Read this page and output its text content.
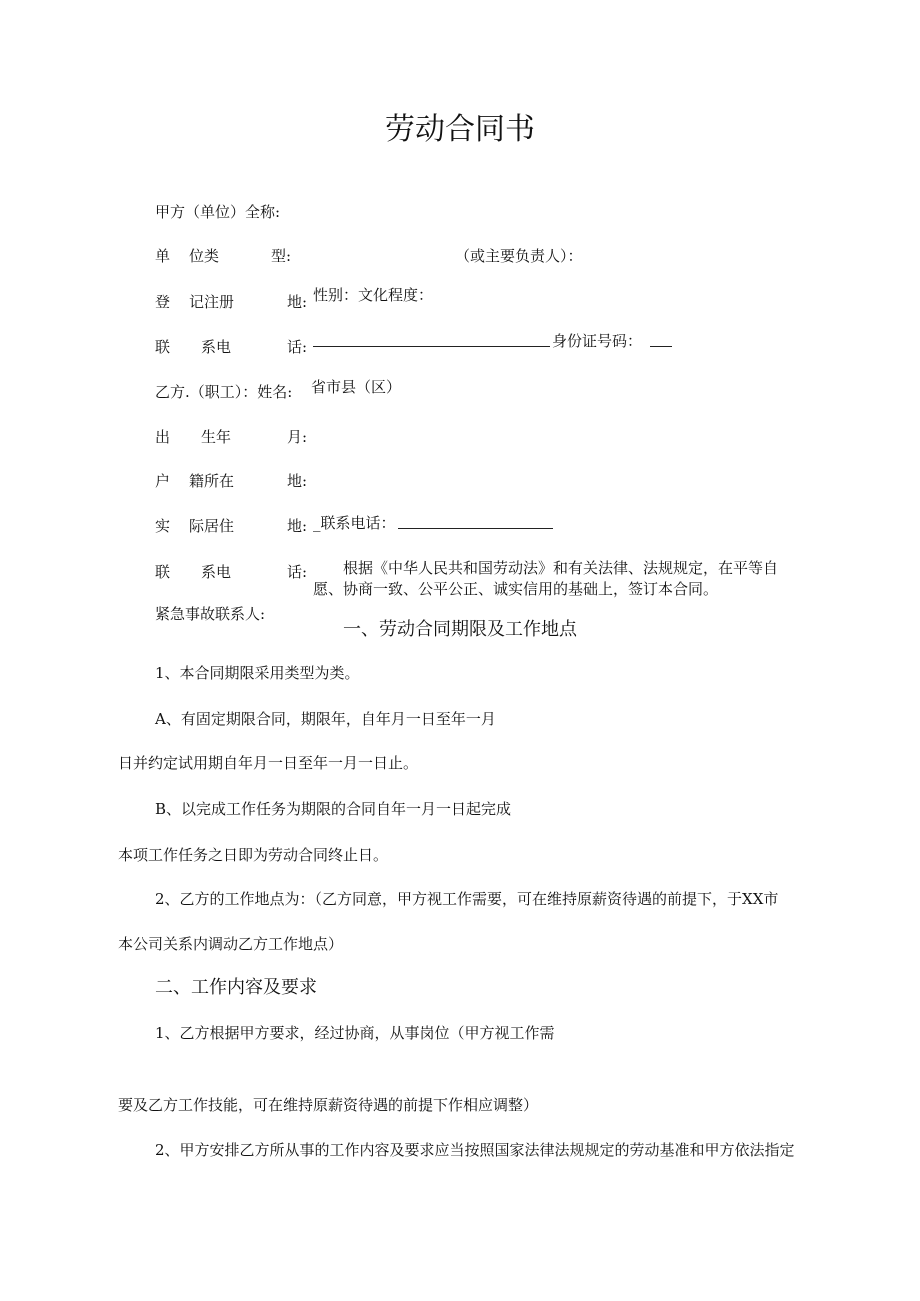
劳动合同书
甲方（单位）全称:
单 位类	型:	（或主要负责人）：
登 记注册	地: 性别：文化程度：
联 系电	话:	身份证号码：
乙方.（职工）：姓名: 省市县（区）
出 生年	月:
户 籍所在	地:
实 际居住	地: _联系电话：
联 系电	话: 根据《中华人民共和国劳动法》和有关法律、法规规定，在平等自
愿、协商一致、公平公正、诚实信用的基础上，签订本合同。
紧急事故联系人:
一、劳动合同期限及工作地点
1、本合同期限采用类型为类。
A、有固定期限合同，期限年，自年月一日至年一月
日并约定试用期自年月一日至年一月一日止。
B、以完成工作任务为期限的合同自年一月一日起完成
本项工作任务之日即为劳动合同终止日。
2、乙方的工作地点为：（乙方同意，甲方视工作需要，可在维持原薪资待遇的前提下，于XX市
本公司关系内调动乙方工作地点）
二、工作内容及要求
1、乙方根据甲方要求，经过协商，从事岗位（甲方视工作需
要及乙方工作技能，可在维持原薪资待遇的前提下作相应调整）
2、甲方安排乙方所从事的工作内容及要求应当按照国家法律法规规定的劳动基准和甲方依法指定
